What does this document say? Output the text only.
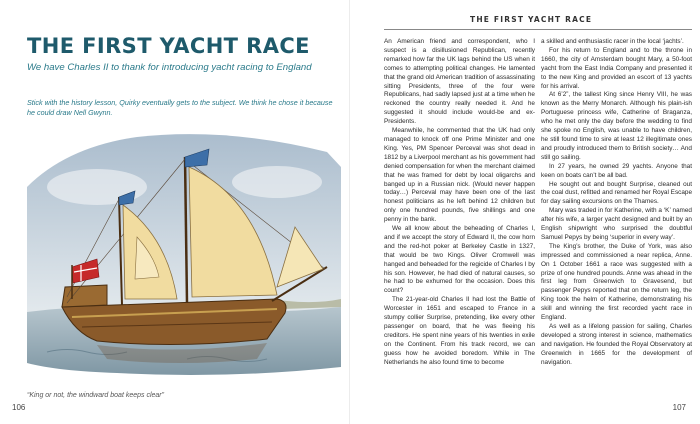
THE FIRST YACHT RACE

We have Charles II to thank for introducing yacht racing to England

Stick with the history lesson, Quirky eventually gets to the subject. We think he chose it because he could draw Nell Gwynn.

“King or not, the windward boat keeps clear”

106

THE FIRST YACHT RACE

An American friend and correspondent, who I suspect is a disillusioned Republican, recently remarked how far the UK lags behind the US when it comes to attempting political changes. He lamented that the grand old American tradition of assassinating sitting Presidents, three of the four were Republicans, had sadly lapsed just at a time when he reckoned the country really needed it. And he suggested it should include would-be and ex-Presidents.

Meanwhile, he commented that the UK had only managed to knock off one Prime Minister and one King. Yes, PM Spencer Perceval was shot dead in 1812 by a Liverpool merchant as his government had denied compensation for when the merchant claimed that he was framed for debt by local oligarchs and banged up in a Russian nick. (Would never happen today…) Perceval may have been one of the last honest politicians as he left behind 12 children but only one hundred pounds, five shillings and one penny in the bank.

We all know about the beheading of Charles I, and if we accept the story of Edward II, the cow horn and the red-hot poker at Berkeley Castle in 1327, that would be two Kings. Oliver Cromwell was hanged and beheaded for the regicide of Charles I by his son. However, he had died of natural causes, so he had to be exhumed for the occasion. Does this count?

The 21-year-old Charles II had lost the Battle of Worcester in 1651 and escaped to France in a stumpy collier Surprise, pretending, like every other passenger on board, that he was fleeing his creditors. He spent nine years of his twenties in exile on the Continent. From his track record, we can guess how he avoided boredom. While in The Netherlands he also found time to become

a skilled and enthusiastic racer in the local ‘jachts’.

For his return to England and to the throne in 1660, the city of Amsterdam bought Mary, a 50-foot yacht from the East India Company and presented it to the new King and provided an escort of 13 yachts for his arrival.

At 6’2”, the tallest King since Henry VIII, he was known as the Merry Monarch. Although his plain-ish Portuguese princess wife, Catherine of Braganza, who he met only the day before the wedding to find she spoke no English, was unable to have children, he still found time to sire at least 12 illegitimate ones and proudly introduced them to British society… And still go sailing.

In 27 years, he owned 29 yachts. Anyone that keen on boats can’t be all bad.

He sought out and bought Surprise, cleaned out the coal dust, refitted and renamed her Royal Escape for day sailing excursions on the Thames.

Mary was traded in for Katherine, with a ‘K’ named after his wife, a larger yacht designed and built by an English shipwright who surprised the doubtful Samuel Pepys by being ‘superior in every way’.

The King’s brother, the Duke of York, was also impressed and commissioned a near replica, Anne. On 1 October 1661 a race was suggested with a prize of one hundred pounds. Anne was ahead in the first leg from Greenwich to Gravesend, but passenger Pepys reported that on the return leg, the King took the helm of Katherine, demonstrating his skill and winning the first recorded yacht race in England.

As well as a lifelong passion for sailing, Charles developed a strong interest in science, mathematics and navigation. He founded the Royal Observatory at Greenwich in 1665 for the development of navigation.

107
